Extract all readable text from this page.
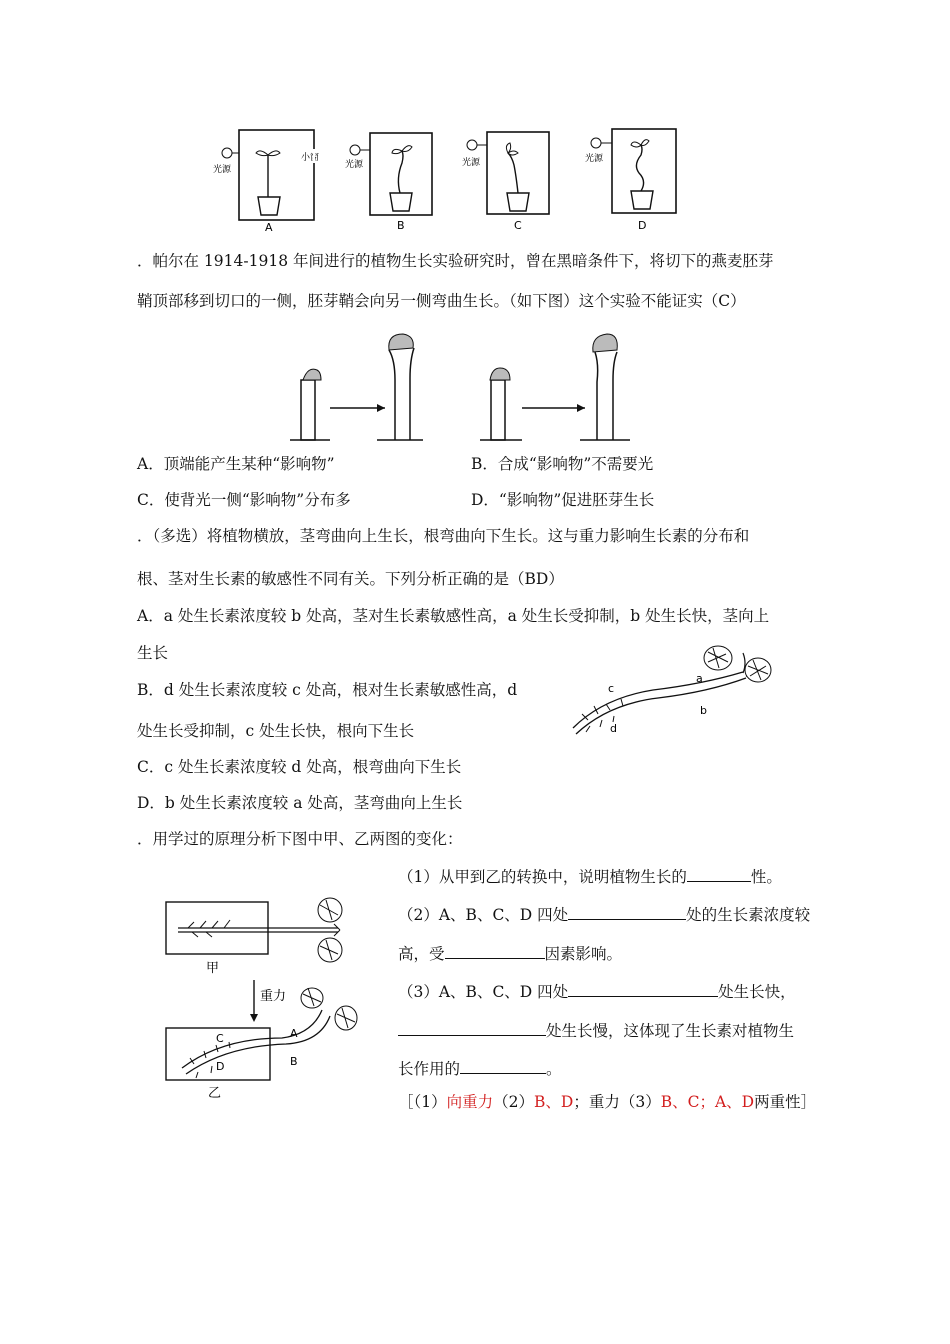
光源
小窗
A
光源
B
光源
C
光源
D
．帕尔在 1914-1918 年间进行的植物生长实验研究时，曾在黑暗条件下，将切下的燕麦胚芽
鞘顶部移到切口的一侧，胚芽鞘会向另一侧弯曲生长。（如下图）这个实验不能证实（C）
A．顶端能产生某种“影响物”	B．合成“影响物”不需要光
C．使背光一侧“影响物”分布多	D．“影响物”促进胚芽生长
．（多选）将植物横放，茎弯曲向上生长，根弯曲向下生长。这与重力影响生长素的分布和
根、茎对生长素的敏感性不同有关。下列分析正确的是（BD）
A．a 处生长素浓度较 b 处高，茎对生长素敏感性高，a 处生长受抑制，b 处生长快，茎向上
生长
B．d 处生长素浓度较 c 处高，根对生长素敏感性高，d
处生长受抑制，c 处生长快，根向下生长
C．c 处生长素浓度较 d 处高，根弯曲向下生长
D．b 处生长素浓度较 a 处高，茎弯曲向上生长
a
b
c
d
．用学过的原理分析下图中甲、乙两图的变化：
甲
重力
C
D
A
B
乙
（1）从甲到乙的转换中，说明植物生长的	性。
（2）A、B、C、D 四处	处的生长素浓度较
高，受	因素影响。
（3）A、B、C、D 四处	处生长快，
处生长慢，这体现了生长素对植物生
长作用的	。
［（1）向重力（2）B、D；重力（3）B、C；A、D两重性］
